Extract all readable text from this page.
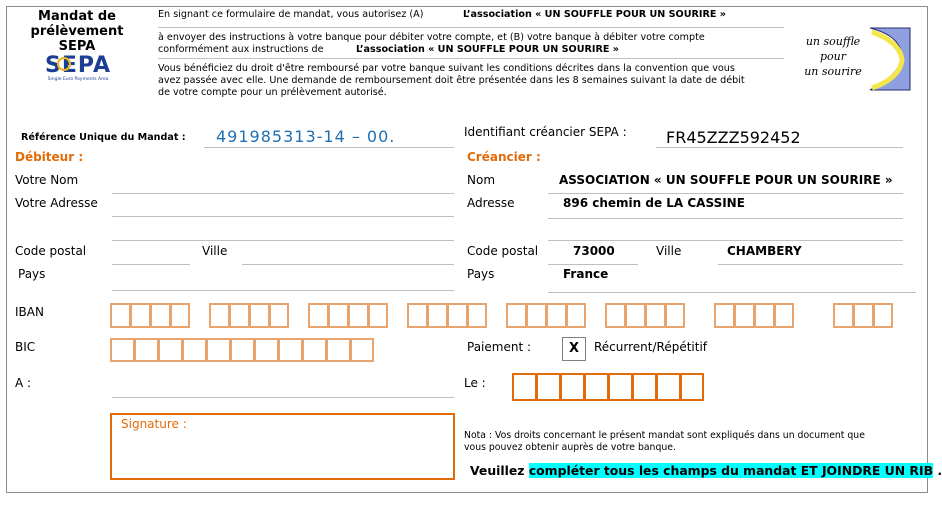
Mandat de
prélèvement
SEPA
SEPA
Single Euro Payments Area
En signant ce formulaire de mandat, vous autorisez (A)	L’association « UN SOUFFLE POUR UN SOURIRE »
à envoyer des instructions à votre banque pour débiter votre compte, et (B) votre banque à débiter votre compte
conformément aux instructions de	L’association « UN SOUFFLE POUR UN SOURIRE »
Vous bénéficiez du droit d'être remboursé par votre banque suivant les conditions décrites dans la convention que vous
avez passée avec elle. Une demande de remboursement doit être présentée dans les 8 semaines suivant la date de débit
de votre compte pour un prélèvement autorisé.
un souffle
pour
un sourire
Référence Unique du Mandat : 491985313-14 – 00.	Identifiant créancier SEPA : FR45ZZZ592452
Débiteur :	Créancier :
Votre Nom
Votre Adresse
Code postal	Ville
Pays
Nom	ASSOCIATION « UN SOUFFLE POUR UN SOURIRE »
Adresse	896 chemin de LA CASSINE
Code postal	73000	Ville	CHAMBERY
Pays	France
IBAN
BIC	Paiement :	X	Récurrent/Répétitif
A :	Le :
Signature :
Nota : Vos droits concernant le présent mandat sont expliqués dans un document que
vous pouvez obtenir auprès de votre banque.
Veuillez compléter tous les champs du mandat ET JOINDRE UN RIB .
